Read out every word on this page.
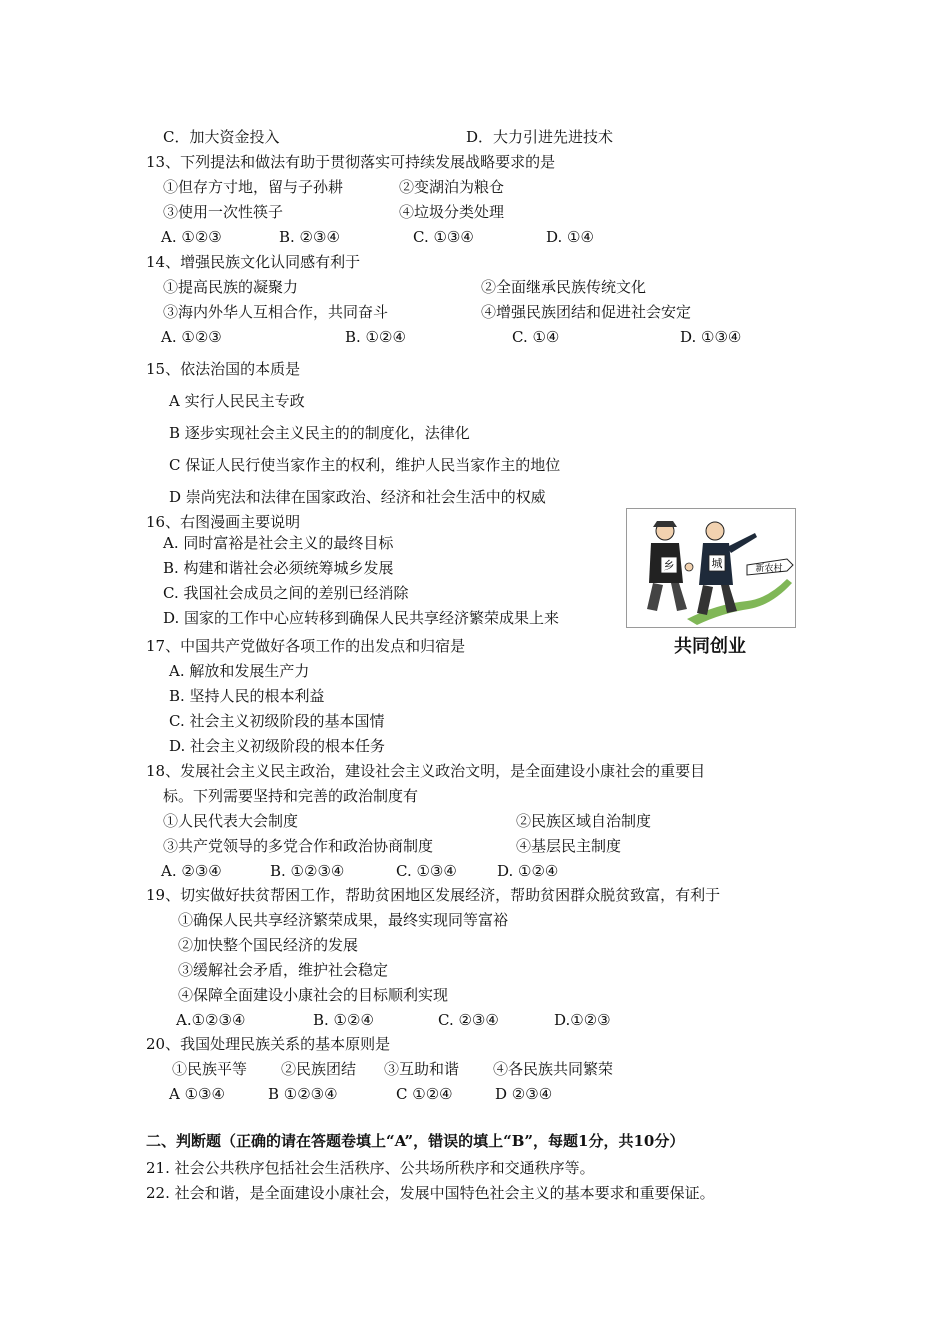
C．加大资金投入	D．大力引进先进技术
13、下列提法和做法有助于贯彻落实可持续发展战略要求的是
①但存方寸地，留与子孙耕	②变湖泊为粮仓
③使用一次性筷子	④垃圾分类处理
A. ①②③	B. ②③④	C. ①③④	D. ①④
14、增强民族文化认同感有利于
①提高民族的凝聚力	②全面继承民族传统文化
③海内外华人互相合作，共同奋斗	④增强民族团结和促进社会安定
A. ①②③	B. ①②④	C. ①④	D. ①③④
15、依法治国的本质是
A 实行人民民主专政
B 逐步实现社会主义民主的的制度化，法律化
C 保证人民行使当家作主的权利，维护人民当家作主的地位
D 崇尚宪法和法律在国家政治、经济和社会生活中的权威
16、右图漫画主要说明
A. 同时富裕是社会主义的最终目标
B. 构建和谐社会必须统筹城乡发展
C. 我国社会成员之间的差别已经消除
D. 国家的工作中心应转移到确保人民共享经济繁荣成果上来
17、中国共产党做好各项工作的出发点和归宿是
A. 解放和发展生产力
B. 坚持人民的根本利益
C. 社会主义初级阶段的基本国情
D. 社会主义初级阶段的根本任务
18、发展社会主义民主政治，建设社会主义政治文明，是全面建设小康社会的重要目
标。下列需要坚持和完善的政治制度有
①人民代表大会制度	②民族区域自治制度
③共产党领导的多党合作和政治协商制度	④基层民主制度
A. ②③④	B. ①②③④	C. ①③④	D. ①②④
19、切实做好扶贫帮困工作，帮助贫困地区发展经济，帮助贫困群众脱贫致富，有利于
①确保人民共享经济繁荣成果，最终实现同等富裕
②加快整个国民经济的发展
③缓解社会矛盾，维护社会稳定
④保障全面建设小康社会的目标顺利实现
A.①②③④	B. ①②④	C. ②③④	D.①②③
20、我国处理民族关系的基本原则是
①民族平等 ②民族团结 ③互助和谐 ④各民族共同繁荣
A ①③④	B ①②③④	C ①②④	D ②③④
二、判断题（正确的请在答题卷填上“A”，错误的填上“B”，每题1分，共10分）
21. 社会公共秩序包括社会生活秩序、公共场所秩序和交通秩序等。
22. 社会和谐，是全面建设小康社会，发展中国特色社会主义的基本要求和重要保证。
乡	城	新农村
共同创业
